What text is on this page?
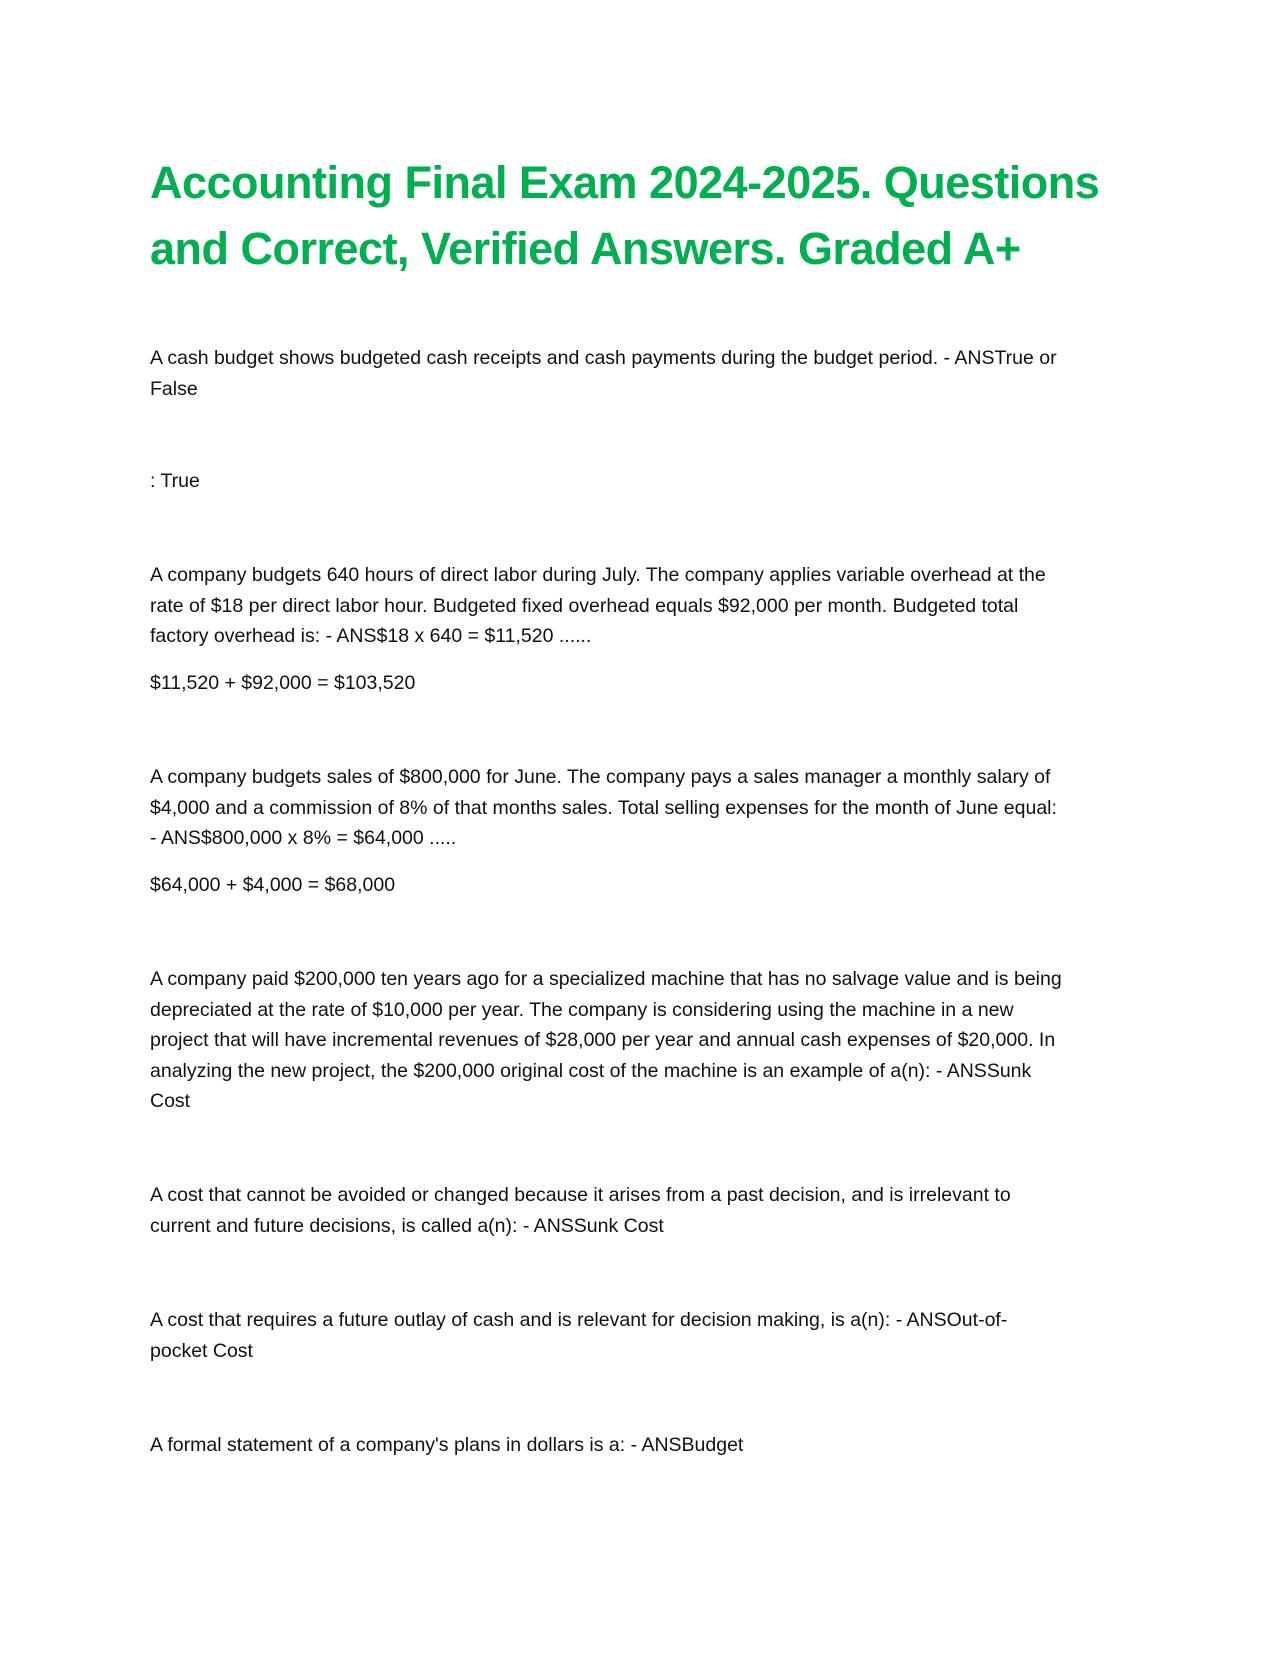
Accounting Final Exam 2024-2025. Questions
and Correct, Verified Answers. Graded A+
A cash budget shows budgeted cash receipts and cash payments during the budget period. - ANSTrue or
False
: True
A company budgets 640 hours of direct labor during July. The company applies variable overhead at the
rate of $18 per direct labor hour. Budgeted fixed overhead equals $92,000 per month. Budgeted total
factory overhead is: - ANS$18 x 640 = $11,520 ......
$11,520 + $92,000 = $103,520
A company budgets sales of $800,000 for June. The company pays a sales manager a monthly salary of
$4,000 and a commission of 8% of that months sales. Total selling expenses for the month of June equal:
- ANS$800,000 x 8% = $64,000 .....
$64,000 + $4,000 = $68,000
A company paid $200,000 ten years ago for a specialized machine that has no salvage value and is being
depreciated at the rate of $10,000 per year. The company is considering using the machine in a new
project that will have incremental revenues of $28,000 per year and annual cash expenses of $20,000. In
analyzing the new project, the $200,000 original cost of the machine is an example of a(n): - ANSSunk
Cost
A cost that cannot be avoided or changed because it arises from a past decision, and is irrelevant to
current and future decisions, is called a(n): - ANSSunk Cost
A cost that requires a future outlay of cash and is relevant for decision making, is a(n): - ANSOut-of-
pocket Cost
A formal statement of a company's plans in dollars is a: - ANSBudget
